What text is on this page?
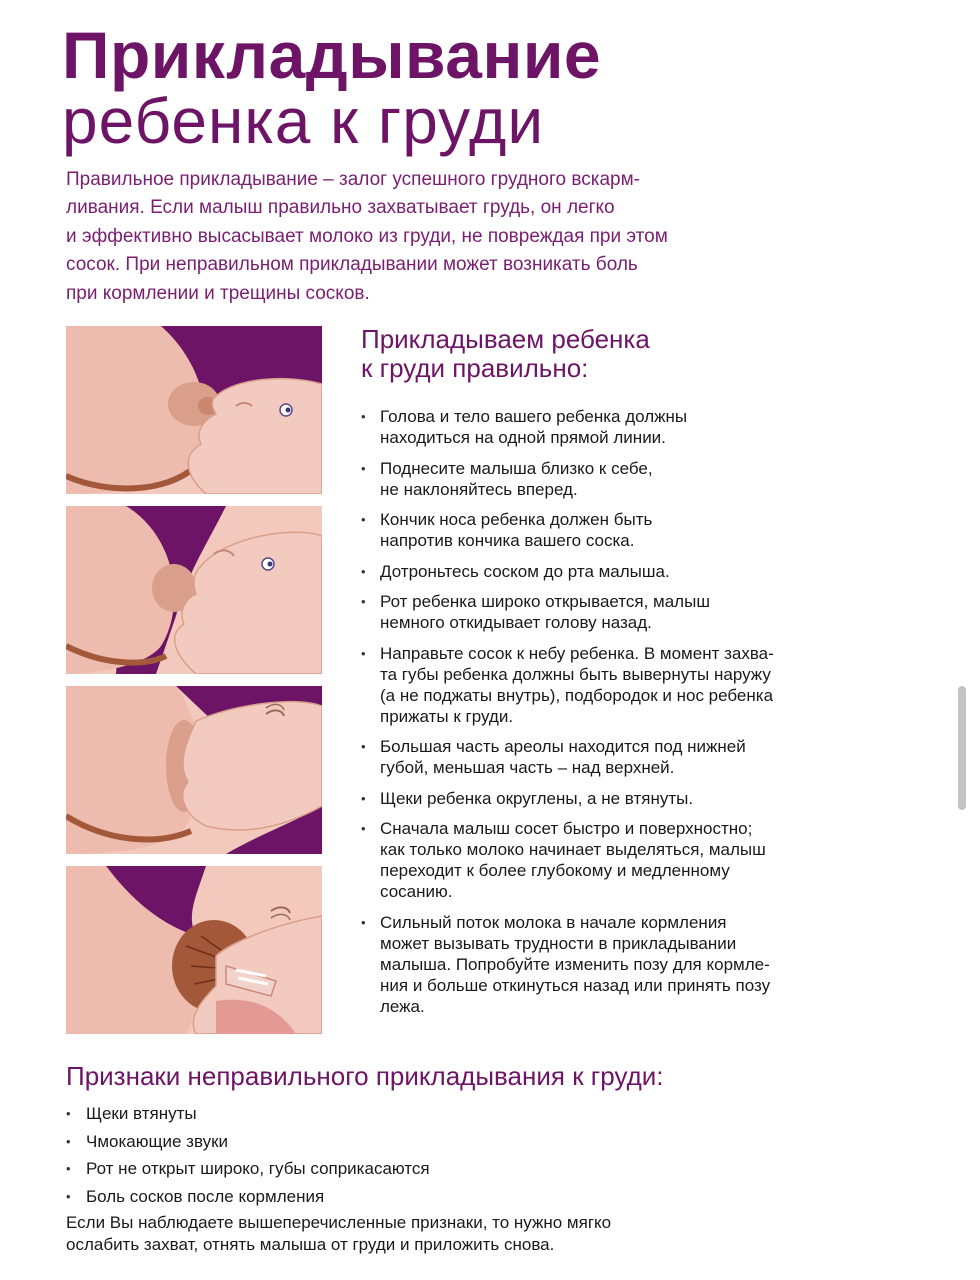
Прикладывание
ребенка к груди

Правильное прикладывание – залог успешного грудного вскарм-
ливания. Если малыш правильно захватывает грудь, он легко
и эффективно высасывает молоко из груди, не повреждая при этом
сосок. При неправильном прикладывании может возникать боль
при кормлении и трещины сосков.

Прикладываем ребенка
к груди правильно:
• Голова и тело вашего ребенка должны
находиться на одной прямой линии.
• Поднесите малыша близко к себе,
не наклоняйтесь вперед.
• Кончик носа ребенка должен быть
напротив кончика вашего соска.
• Дотроньтесь соском до рта малыша.
• Рот ребенка широко открывается, малыш
немного откидывает голову назад.
• Направьте сосок к небу ребенка. В момент захва-
та губы ребенка должны быть вывернуты наружу
(а не поджаты внутрь), подбородок и нос ребенка
прижаты к груди.
• Большая часть ареолы находится под нижней
губой, меньшая часть – над верхней.
• Щеки ребенка округлены, а не втянуты.
• Сначала малыш сосет быстро и поверхностно;
как только молоко начинает выделяться, малыш
переходит к более глубокому и медленному
сосанию.
• Сильный поток молока в начале кормления
может вызывать трудности в прикладывании
малыша. Попробуйте изменить позу для кормле-
ния и больше откинуться назад или принять позу
лежа.
Признаки неправильного прикладывания к груди:
• Щеки втянуты
• Чмокающие звуки
• Рот не открыт широко, губы соприкасаются
• Боль сосков после кормления

Если Вы наблюдаете вышеперечисленные признаки, то нужно мягко
ослабить захват, отнять малыша от груди и приложить снова.
